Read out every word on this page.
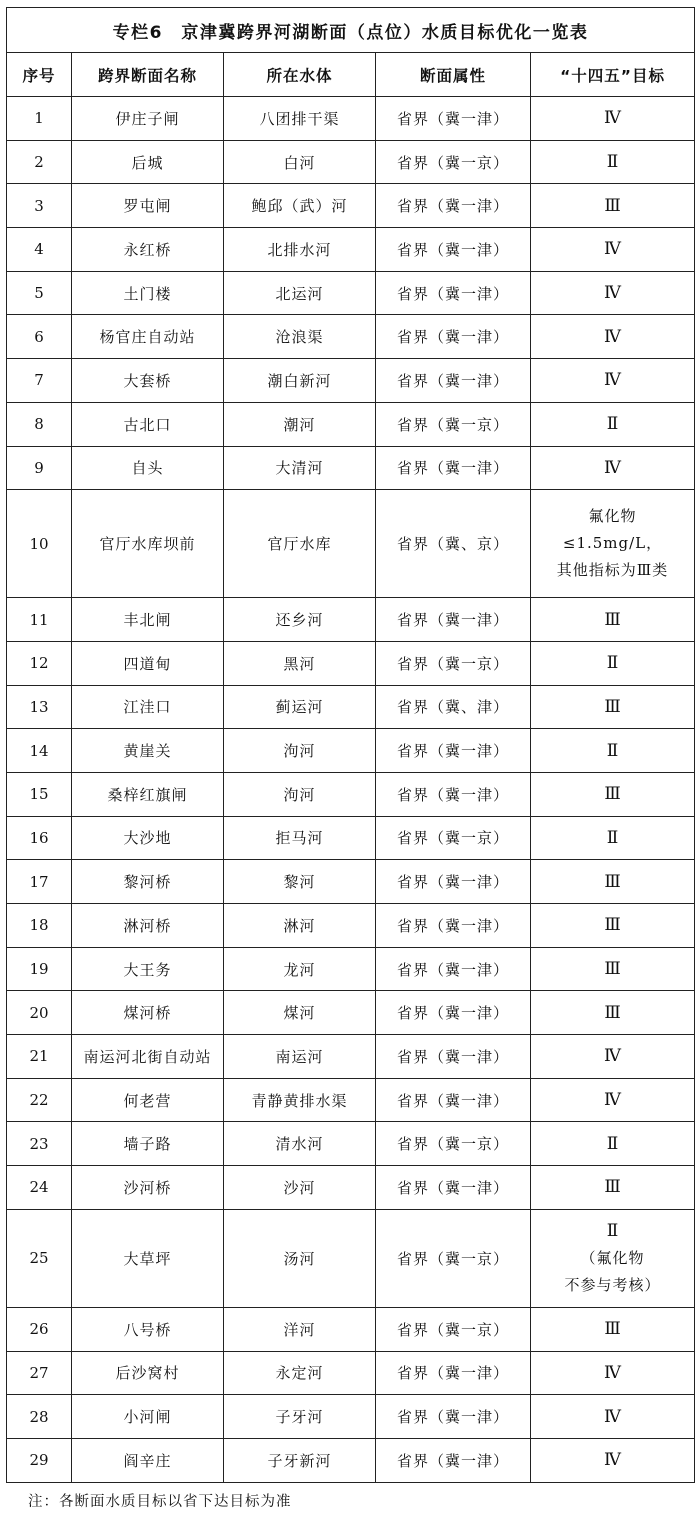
专栏6　京津冀跨界河湖断面（点位）水质目标优化一览表				
序号	跨界断面名称	所在水体	断面属性	“十四五”目标
1	伊庄子闸	八团排干渠	省界（冀一津）	Ⅳ
2	后城	白河	省界（冀一京）	Ⅱ
3	罗屯闸	鲍邱（武）河	省界（冀一津）	Ⅲ
4	永红桥	北排水河	省界（冀一津）	Ⅳ
5	土门楼	北运河	省界（冀一津）	Ⅳ
6	杨官庄自动站	沧浪渠	省界（冀一津）	Ⅳ
7	大套桥	潮白新河	省界（冀一津）	Ⅳ
8	古北口	潮河	省界（冀一京）	Ⅱ
9	自头	大清河	省界（冀一津）	Ⅳ
10	官厅水库坝前	官厅水库	省界（冀、京）	氟化物
≤1.5mg/L，
其他指标为Ⅲ类

11	丰北闸	还乡河	省界（冀一津）	Ⅲ
12	四道甸	黑河	省界（冀一京）	Ⅱ
13	江洼口	蓟运河	省界（冀、津）	Ⅲ
14	黄崖关	泃河	省界（冀一津）	Ⅱ
15	桑梓红旗闸	泃河	省界（冀一津）	Ⅲ
16	大沙地	拒马河	省界（冀一京）	Ⅱ
17	黎河桥	黎河	省界（冀一津）	Ⅲ
18	淋河桥	淋河	省界（冀一津）	Ⅲ
19	大王务	龙河	省界（冀一津）	Ⅲ
20	煤河桥	煤河	省界（冀一津）	Ⅲ
21	南运河北街自动站	南运河	省界（冀一津）	Ⅳ
22	何老营	青静黄排水渠	省界（冀一津）	Ⅳ
23	墙子路	清水河	省界（冀一京）	Ⅱ
24	沙河桥	沙河	省界（冀一津）	Ⅲ
25	大草坪	汤河	省界（冀一京）	Ⅱ
（氟化物
不参与考核）

26	八号桥	洋河	省界（冀一京）	Ⅲ
27	后沙窝村	永定河	省界（冀一津）	Ⅳ
28	小河闸	子牙河	省界（冀一津）	Ⅳ
29	阎辛庄	子牙新河	省界（冀一津）	Ⅳ
注：各断面水质目标以省下达目标为准
